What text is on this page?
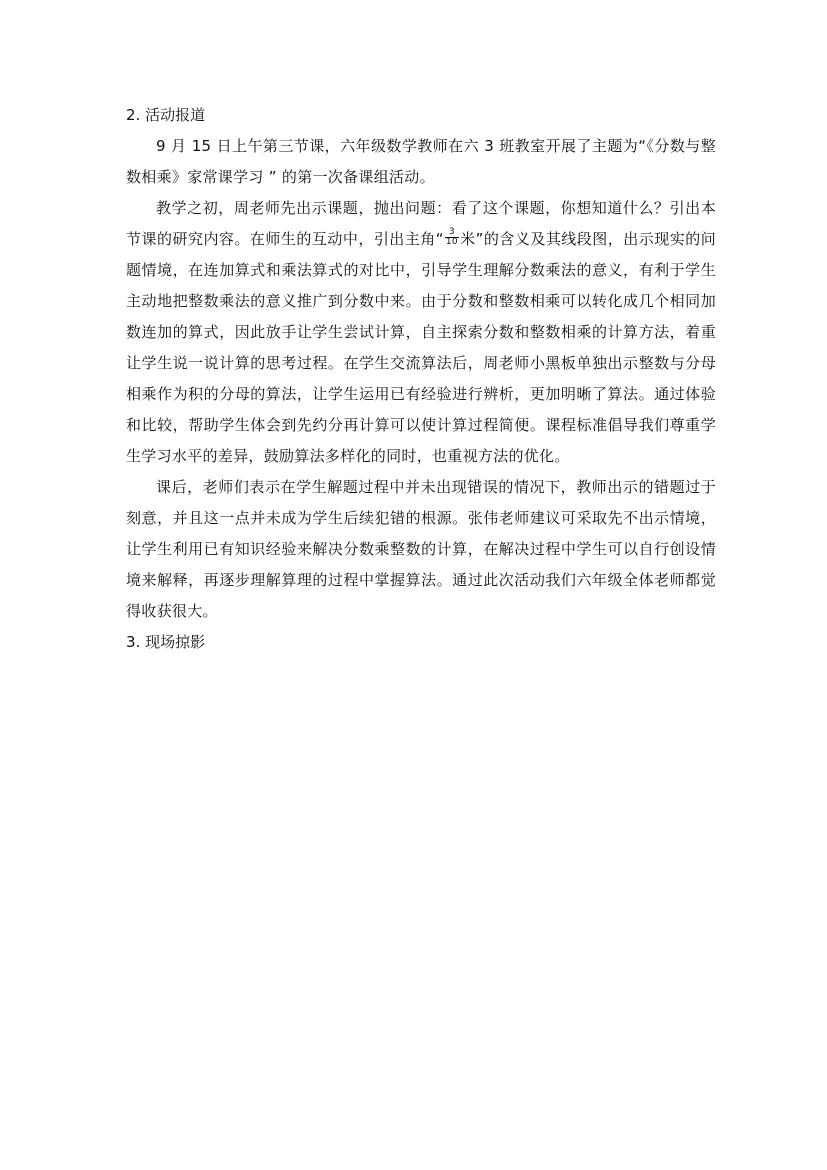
2. 活动报道

9 月 15 日上午第三节课，六年级数学教师在六 3 班教室开展了主题为“《分数与整数相乘》家常课学习 ” 的第一次备课组活动。

教学之初，周老师先出示课题，抛出问题：看了这个课题，你想知道什么？引出本节课的研究内容。在师生的互动中，引出主角“ $\frac{3}{10}$ 米”的含义及其线段图，出示现实的问题情境，在连加算式和乘法算式的对比中，引导学生理解分数乘法的意义，有利于学生主动地把整数乘法的意义推广到分数中来。由于分数和整数相乘可以转化成几个相同加数连加的算式，因此放手让学生尝试计算，自主探索分数和整数相乘的计算方法，着重让学生说一说计算的思考过程。在学生交流算法后，周老师小黑板单独出示整数与分母相乘作为积的分母的算法，让学生运用已有经验进行辨析，更加明晰了算法。通过体验和比较，帮助学生体会到先约分再计算可以使计算过程简便。课程标准倡导我们尊重学生学习水平的差异，鼓励算法多样化的同时，也重视方法的优化。

课后，老师们表示在学生解题过程中并未出现错误的情况下，教师出示的错题过于刻意，并且这一点并未成为学生后续犯错的根源。张伟老师建议可采取先不出示情境，让学生利用已有知识经验来解决分数乘整数的计算，在解决过程中学生可以自行创设情境来解释，再逐步理解算理的过程中掌握算法。通过此次活动我们六年级全体老师都觉得收获很大。

3. 现场掠影
